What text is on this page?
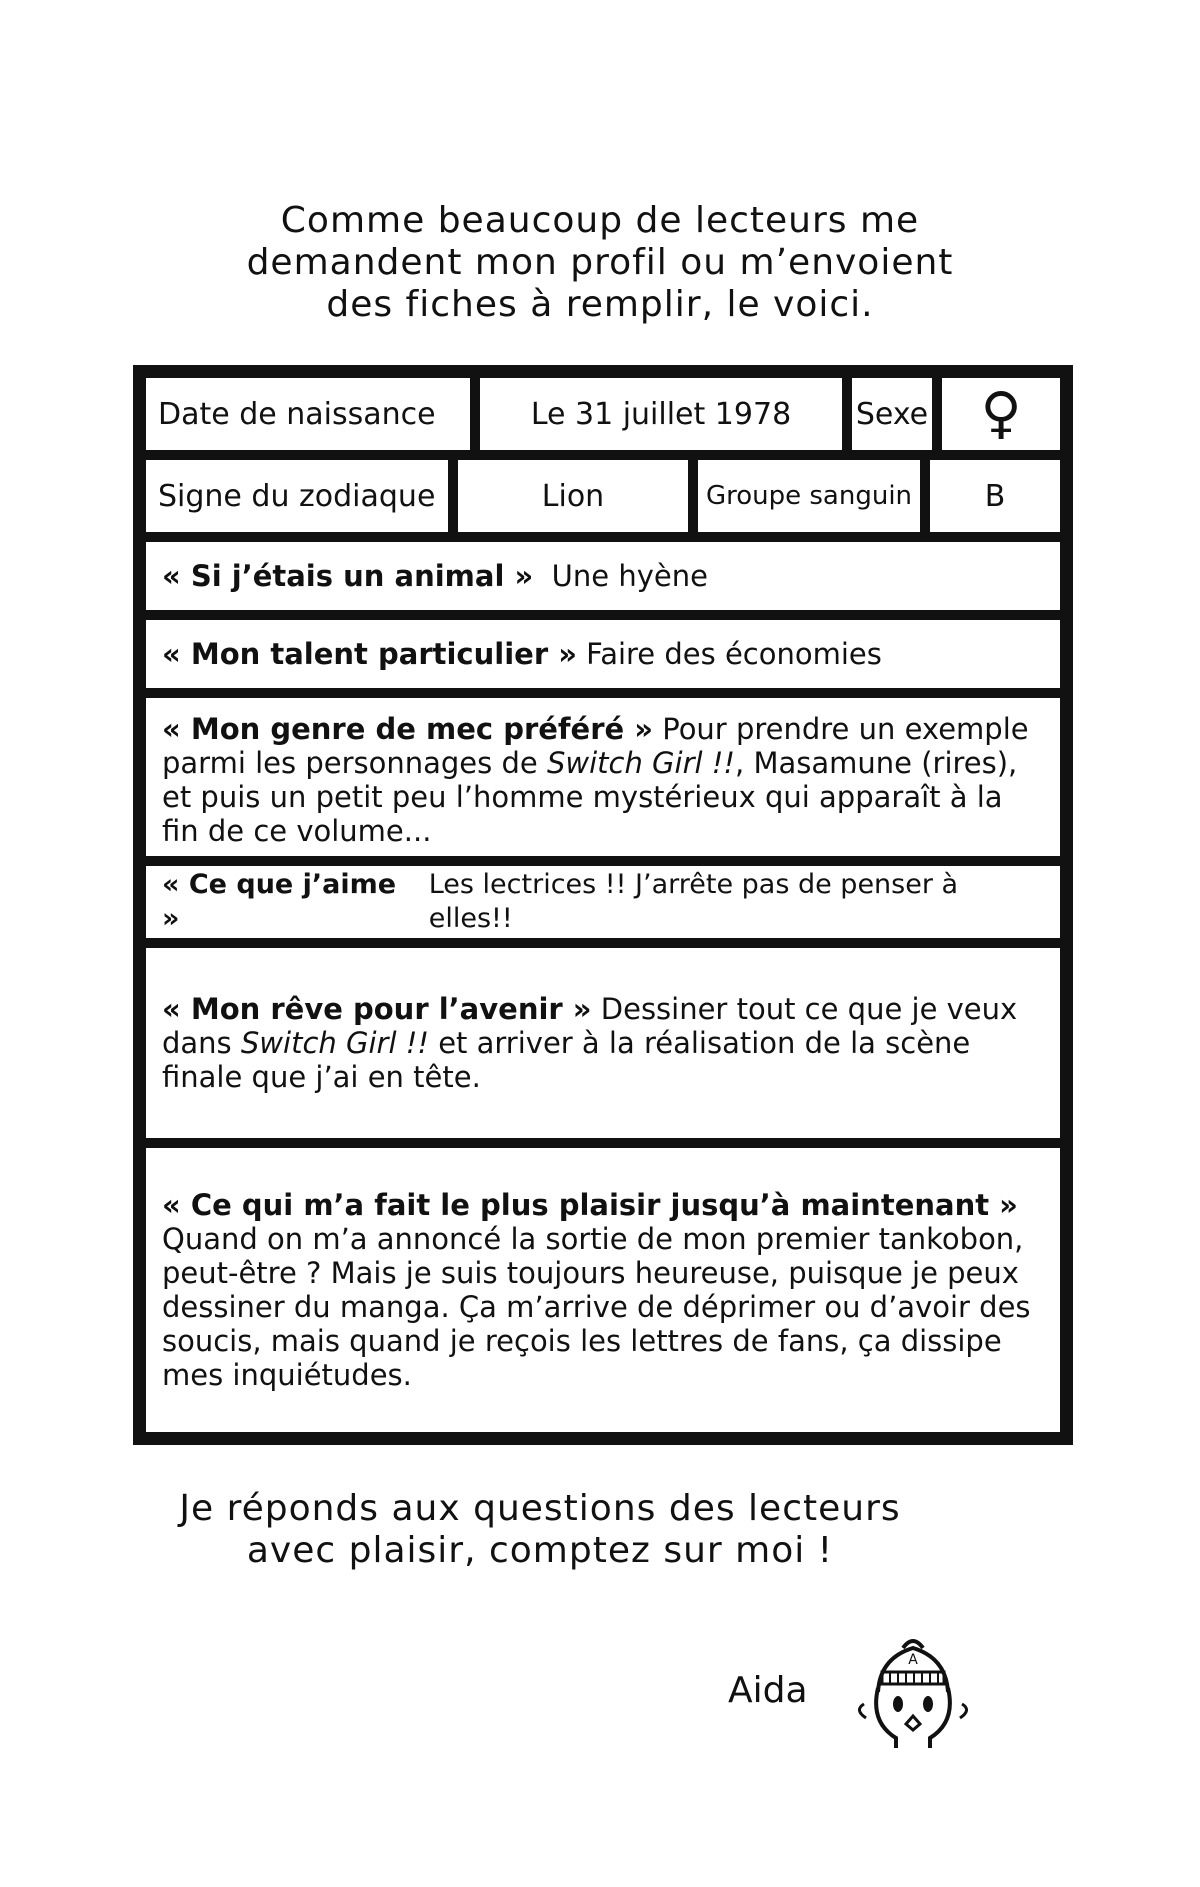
Comme beaucoup de lecteurs me
demandent mon profil ou m’envoient
des fiches à remplir, le voici.
Date de naissance	Le 31 juillet 1978 Sexe ♀
Signe du zodiaque	Lion	Groupe sanguin B
« Si j’étais un animal »
Une hyène
« Mon talent particulier »
Faire des économies
« Mon genre de mec préféré » Pour prendre un exemple parmi les personnages de Switch Girl !!, Masamune (rires), et puis un petit peu l’homme mystérieux qui apparaît à la fin de ce volume...
« Ce que j’aime »

Les lectrices !! J’arrête pas de penser à elles!!
« Mon rêve pour l’avenir » Dessiner tout ce que je veux dans Switch Girl !! et arriver à la réalisation de la scène finale que j’ai en tête.
« Ce qui m’a fait le plus plaisir jusqu’à maintenant »
Quand on m’a annoncé la sortie de mon premier tankobon, peut-être ? Mais je suis toujours heureuse, puisque je peux dessiner du manga. Ça m’arrive de déprimer ou d’avoir des soucis, mais quand je reçois les lettres de fans, ça dissipe mes inquiétudes.
Je réponds aux questions des lecteurs
avec plaisir, comptez sur moi !
Aida
A
